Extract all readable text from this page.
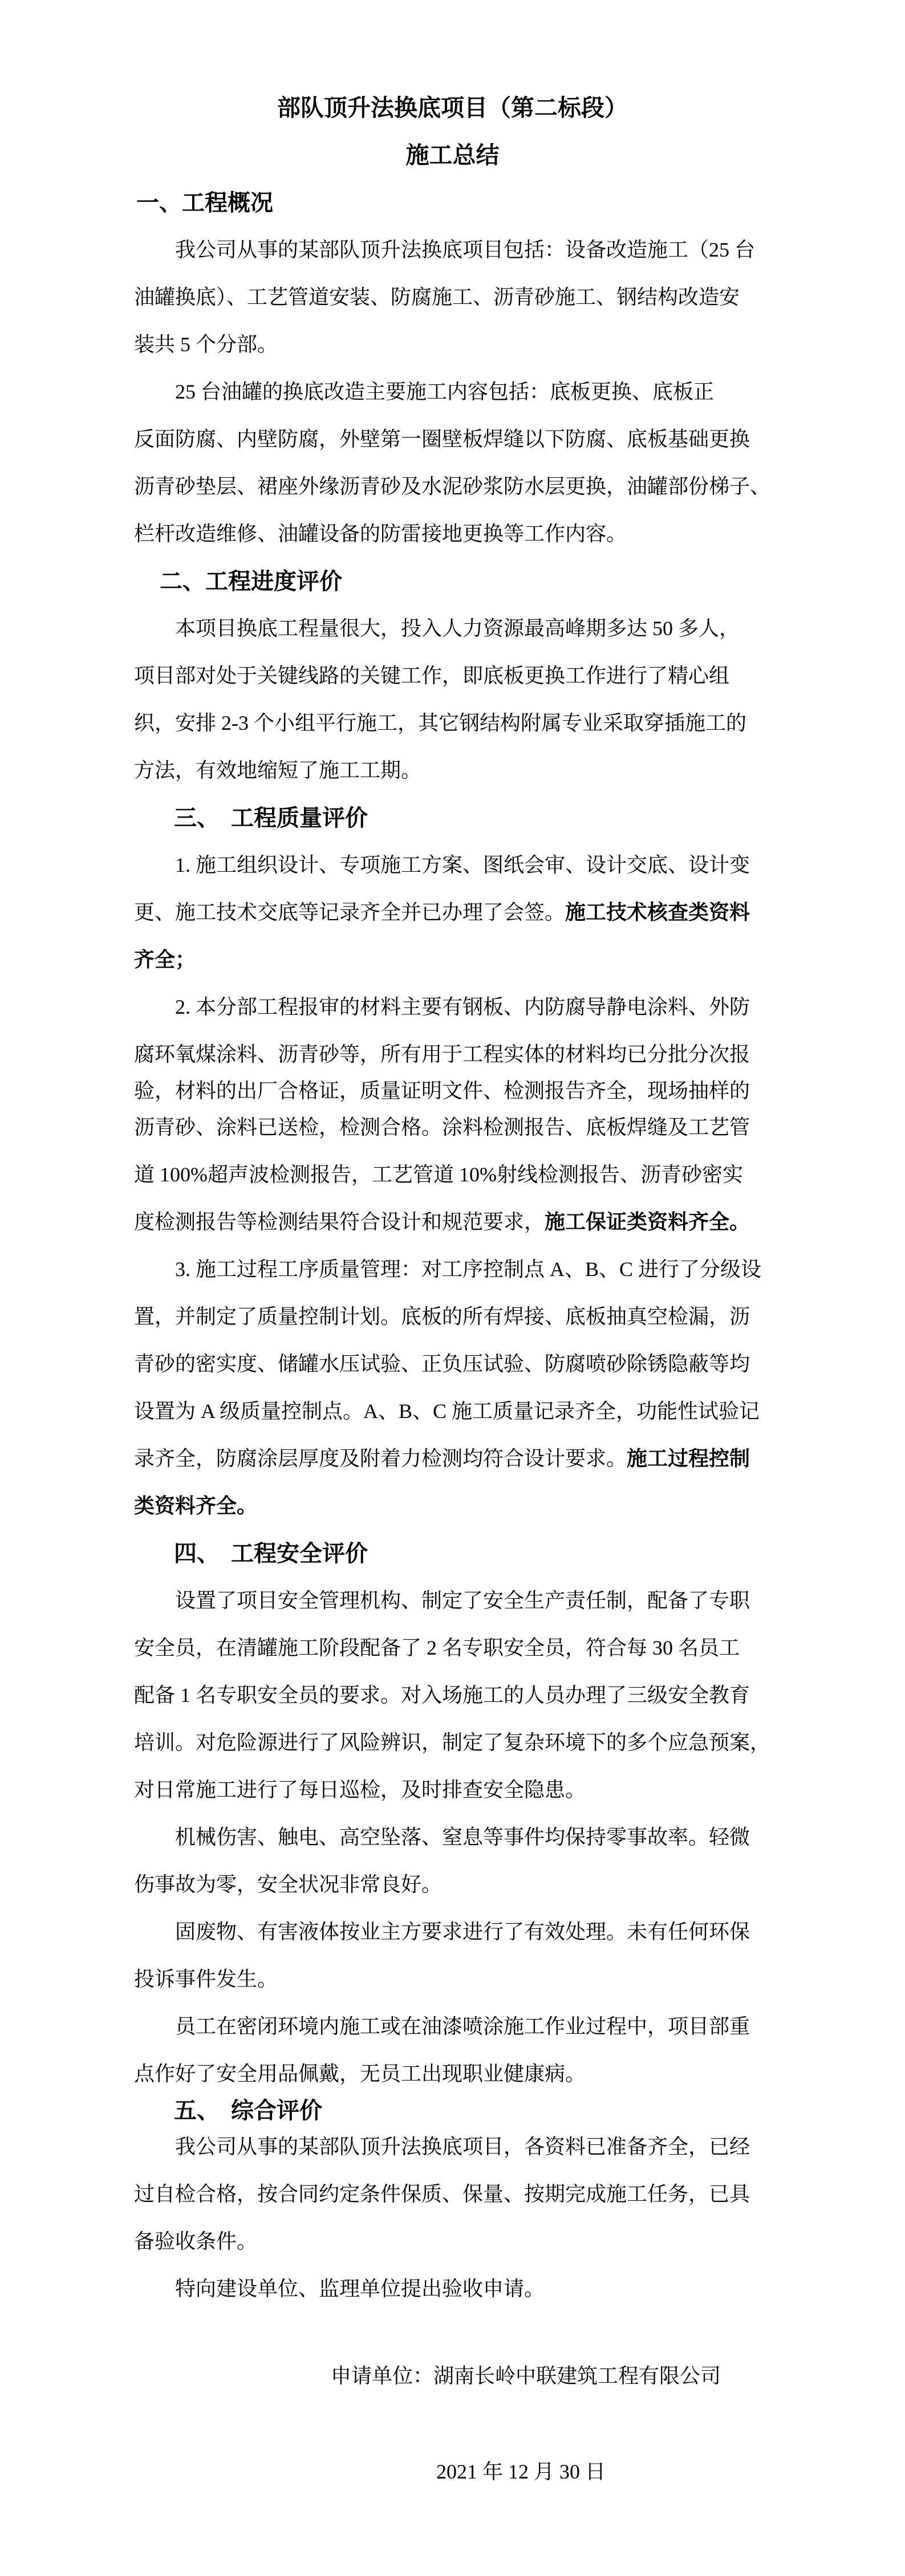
部队顶升法换底项目（第二标段）
施工总结
一、工程概况
我公司从事的某部队顶升法换底项目包括：设备改造施工（25 台
油罐换底）、工艺管道安装、防腐施工、沥青砂施工、钢结构改造安
装共 5 个分部。
25 台油罐的换底改造主要施工内容包括：底板更换、底板正
反面防腐、内壁防腐，外壁第一圈壁板焊缝以下防腐、底板基础更换
沥青砂垫层、裙座外缘沥青砂及水泥砂浆防水层更换，油罐部份梯子、
栏杆改造维修、油罐设备的防雷接地更换等工作内容。
二、工程进度评价
本项目换底工程量很大，投入人力资源最高峰期多达 50 多人，
项目部对处于关键线路的关键工作，即底板更换工作进行了精心组
织，安排 2-3 个小组平行施工，其它钢结构附属专业采取穿插施工的
方法，有效地缩短了施工工期。
三、　工程质量评价
1. 施工组织设计、专项施工方案、图纸会审、设计交底、设计变
更、施工技术交底等记录齐全并已办理了会签。施工技术核查类资料
齐全；
2. 本分部工程报审的材料主要有钢板、内防腐导静电涂料、外防
腐环氧煤涂料、沥青砂等，所有用于工程实体的材料均已分批分次报
验，材料的出厂合格证，质量证明文件、检测报告齐全，现场抽样的
沥青砂、涂料已送检，检测合格。涂料检测报告、底板焊缝及工艺管
道 100%超声波检测报告，工艺管道 10%射线检测报告、沥青砂密实
度检测报告等检测结果符合设计和规范要求，施工保证类资料齐全。
3. 施工过程工序质量管理：对工序控制点 A、B、C 进行了分级设
置，并制定了质量控制计划。底板的所有焊接、底板抽真空检漏，沥
青砂的密实度、储罐水压试验、正负压试验、防腐喷砂除锈隐蔽等均
设置为 A 级质量控制点。A、B、C 施工质量记录齐全，功能性试验记
录齐全，防腐涂层厚度及附着力检测均符合设计要求。施工过程控制
类资料齐全。
四、　工程安全评价
设置了项目安全管理机构、制定了安全生产责任制，配备了专职
安全员，在清罐施工阶段配备了 2 名专职安全员，符合每 30 名员工
配备 1 名专职安全员的要求。对入场施工的人员办理了三级安全教育
培训。对危险源进行了风险辨识，制定了复杂环境下的多个应急预案，
对日常施工进行了每日巡检，及时排查安全隐患。
机械伤害、触电、高空坠落、窒息等事件均保持零事故率。轻微
伤事故为零，安全状况非常良好。
固废物、有害液体按业主方要求进行了有效处理。未有任何环保
投诉事件发生。
员工在密闭环境内施工或在油漆喷涂施工作业过程中，项目部重
点作好了安全用品佩戴，无员工出现职业健康病。
五、　综合评价
我公司从事的某部队顶升法换底项目，各资料已准备齐全，已经
过自检合格，按合同约定条件保质、保量、按期完成施工任务，已具
备验收条件。
特向建设单位、监理单位提出验收申请。
申请单位：湖南长岭中联建筑工程有限公司
2021 年 12 月 30 日
